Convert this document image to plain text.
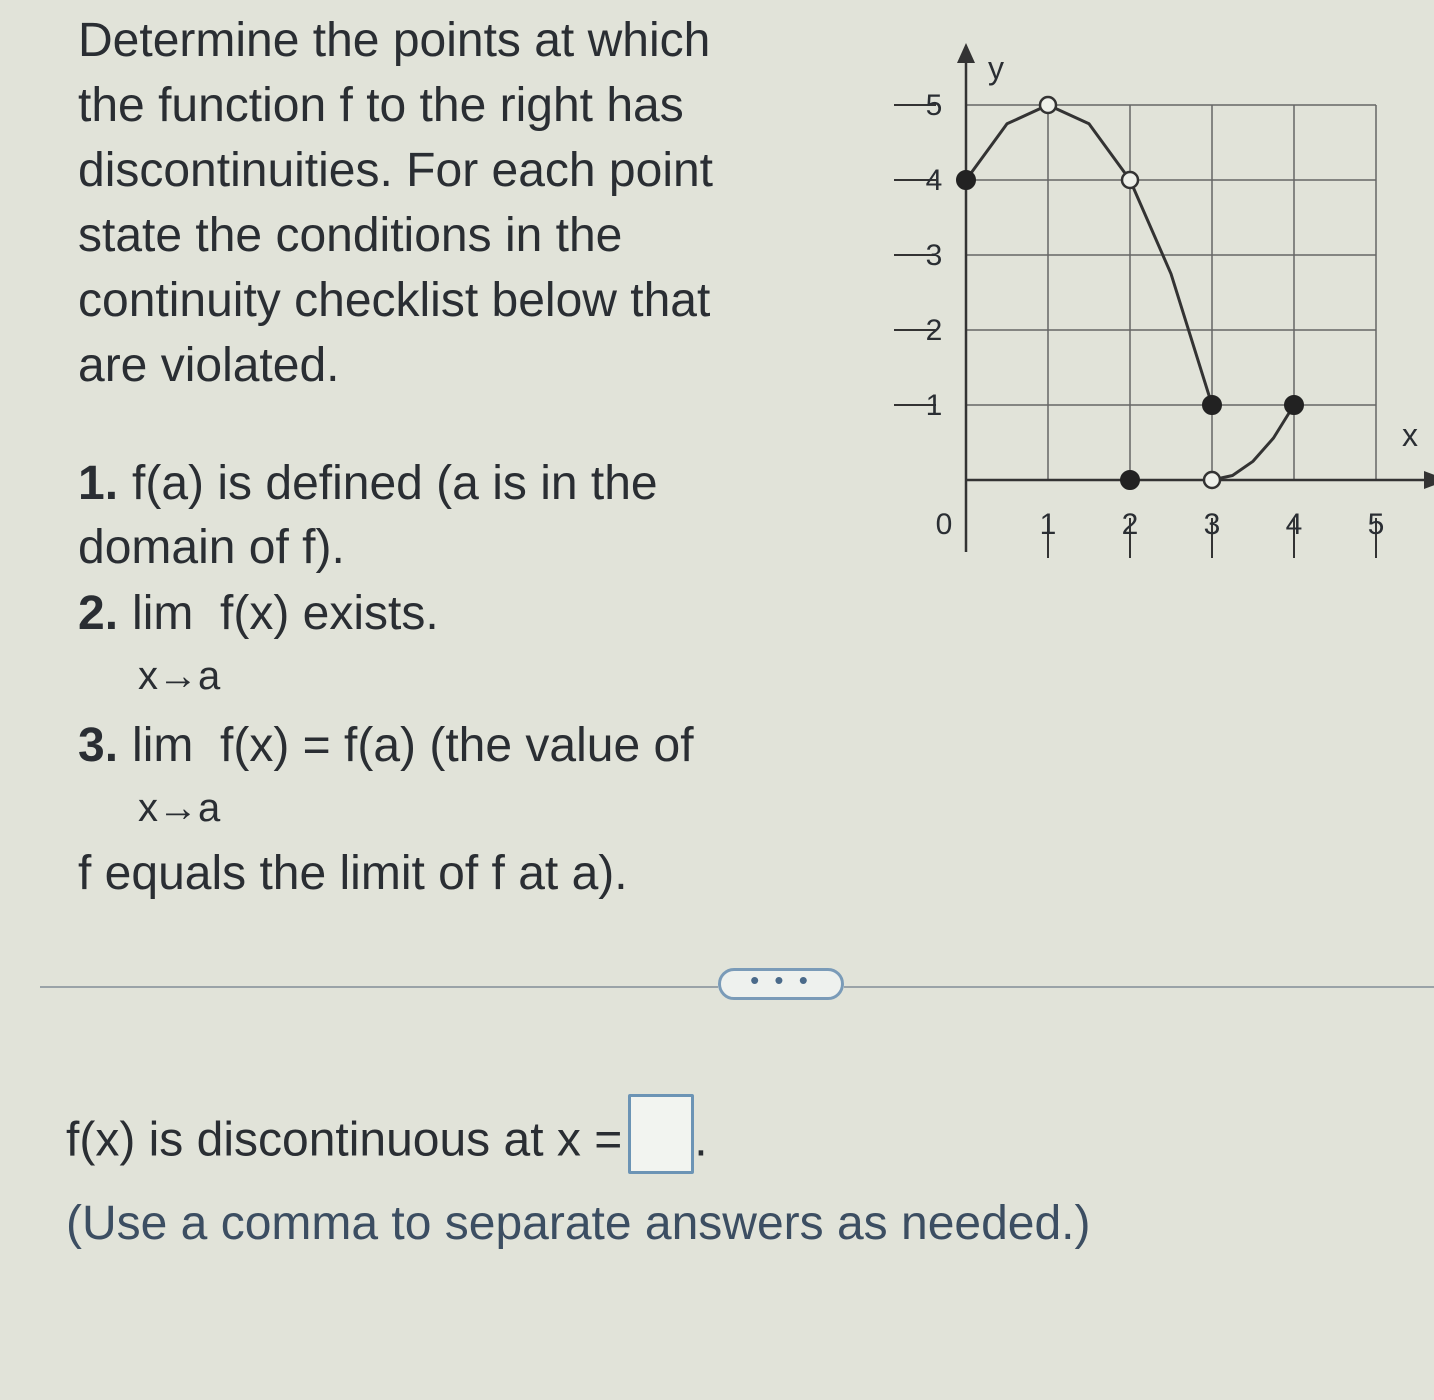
Determine the points at which

the function f to the right has

discontinuities. For each point

state the conditions in the

continuity checklist below that

are violated.

1. f(a) is defined (a is in the
domain of f).
2. lim f(x) exists.
x→a
3. lim f(x) = f(a) (the value of
x→a
f equals the limit of f at a).
0	1 2 3 4 5
1
2
3
4
5
y
x
• • •
f(x) is discontinuous at x = .
(Use a comma to separate answers as needed.)
